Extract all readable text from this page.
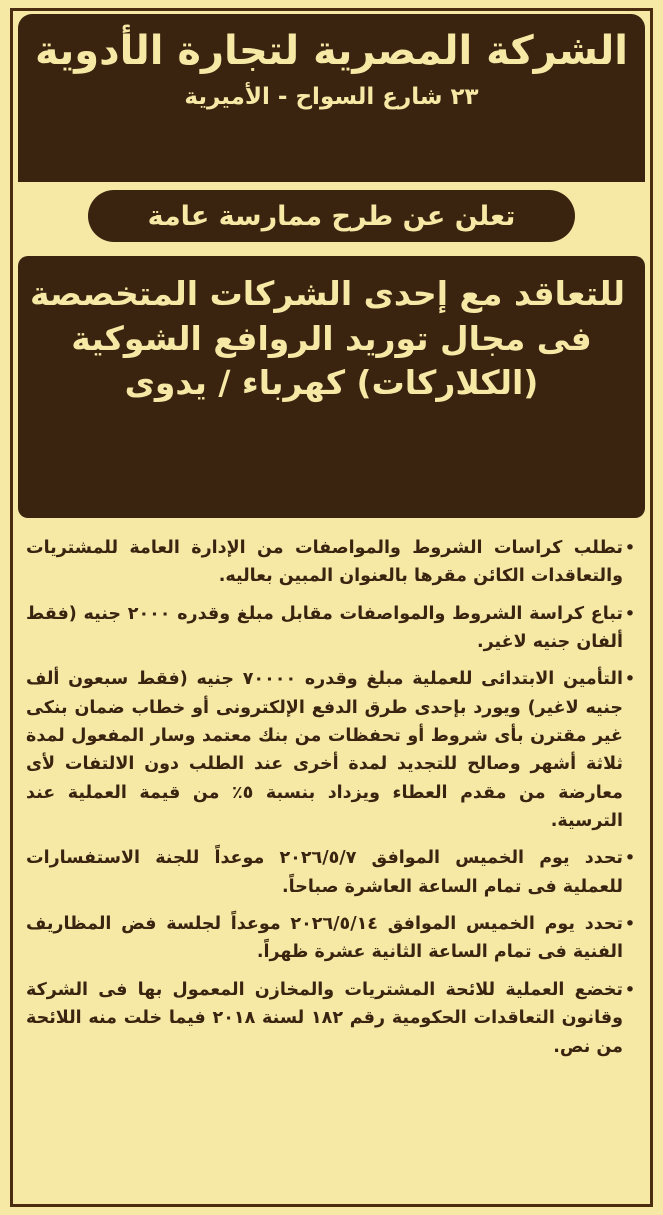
الشركة المصرية لتجارة الأدوية
٢٣ شارع السواح - الأميرية
تعلن عن طرح ممارسة عامة
للتعاقد مع إحدى الشركات المتخصصة
فى مجال توريد الروافع الشوكية
(الكلاركات) كهرباء / يدوى
•
تطلب كراسات الشروط والمواصفات من الإدارة العامة للمشتريات والتعاقدات الكائن مقرها بالعنوان المبين بعاليه.
•
تباع كراسة الشروط والمواصفات مقابل مبلغ وقدره ٢٠٠٠ جنيه (فقط ألفان جنيه لاغير.
•
التأمين الابتدائى للعملية مبلغ وقدره ٧٠٠٠٠ جنيه (فقط سبعون ألف جنيه لاغير) ويورد بإحدى طرق الدفع الإلكترونى أو خطاب ضمان بنكى غير مقترن بأى شروط أو تحفظات من بنك معتمد وسار المفعول لمدة ثلاثة أشهر وصالح للتجديد لمدة أخرى عند الطلب دون الالتفات لأى معارضة من مقدم العطاء ويزداد بنسبة ٥٪ من قيمة العملية عند الترسية.
•
تحدد يوم الخميس الموافق ٢٠٢٦/٥/٧ موعداً للجنة الاستفسارات للعملية فى تمام الساعة العاشرة صباحاً.
•
تحدد يوم الخميس الموافق ٢٠٢٦/٥/١٤ موعداً لجلسة فض المظاريف الفنية فى تمام الساعة الثانية عشرة ظهراً.
•
تخضع العملية للائحة المشتريات والمخازن المعمول بها فى الشركة وقانون التعاقدات الحكومية رقم ١٨٢ لسنة ٢٠١٨ فيما خلت منه اللائحة من نص.
